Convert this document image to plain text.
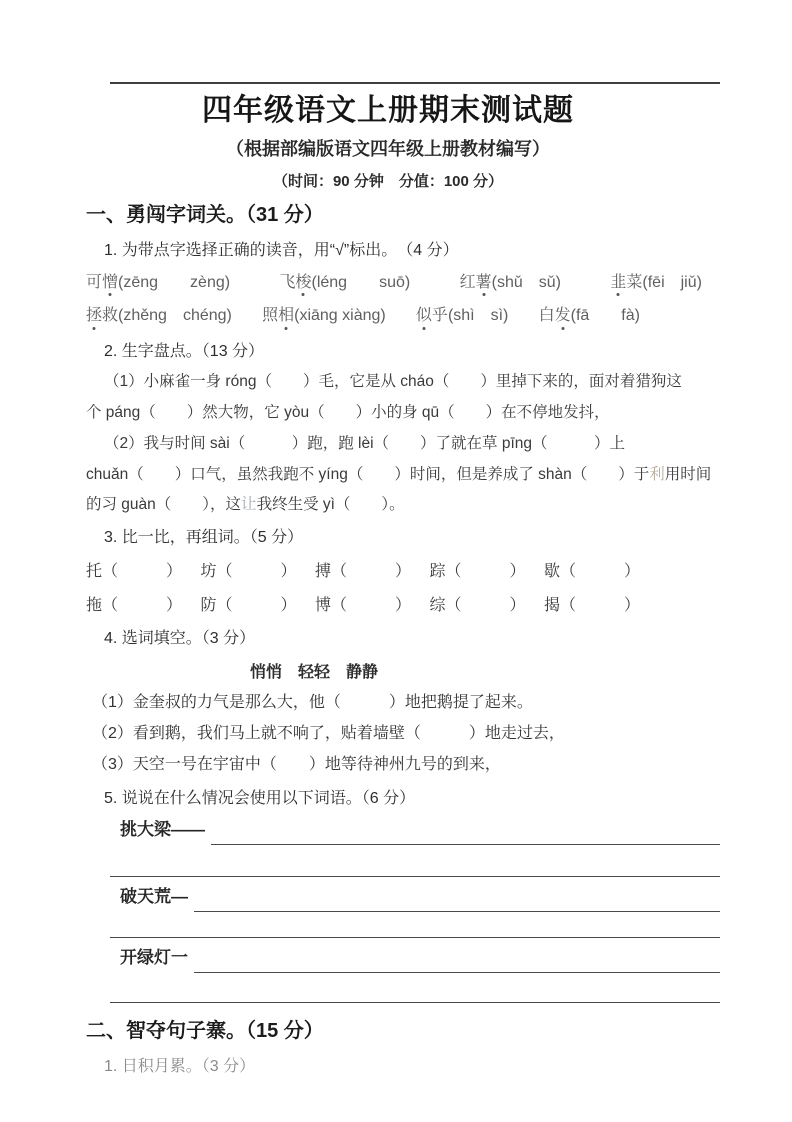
四年级语文上册期末测试题
（根据部编版语文四年级上册教材编写）
（时间：90 分钟　分值：100 分）
一、勇闯字词关。（31 分）
1. 为带点字选择正确的读音，用“√”标出。　（4 分）
可憎(zēng　　zèng)	飞梭(léng　　suō)	红薯(shǔ　sǔ)	韭菜(fēi　jiǔ)
拯救(zhěng　chéng) 照相(xiāng xiàng) 似乎(shì　sì) 白发(fā　　fà)
2. 生字盘点。（13 分）
（1）小麻雀一身 róng（　　）毛，它是从 cháo（　　）里掉下来的，面对着猎狗这
个 páng（　　）然大物，它 yòu（　　）小的身 qū（　　）在不停地发抖，
（2）我与时间 sài（　　　）跑，跑 lèi（　　）了就在草 pīng（　　　）上
chuǎn（　　）口气，虽然我跑不 yíng（　　）时间，但是养成了 shàn（　　）于利用时间
的习 guàn（　　），这让我终生受 yì（　　）。
3. 比一比，再组词。（5 分）
托（　　　） 坊（　　　） 搏（　　　） 踪（　　　） 歇（　　　）
拖（　　　） 防（　　　） 博（　　　） 综（　　　） 揭（　　　）
4. 选词填空。（3 分）
悄悄　轻轻　静静
（1）金奎叔的力气是那么大，他（　　　）地把鹅提了起来。
（2）看到鹅，我们马上就不响了，贴着墙壁（　　　）地走过去，
（3）天空一号在宇宙中（　　）地等待神州九号的到来，
5. 说说在什么情况会使用以下词语。（6 分）
挑大梁——
破天荒—
开绿灯一
二、智夺句子寨。（15 分）
1. 日积月累。（3 分）
